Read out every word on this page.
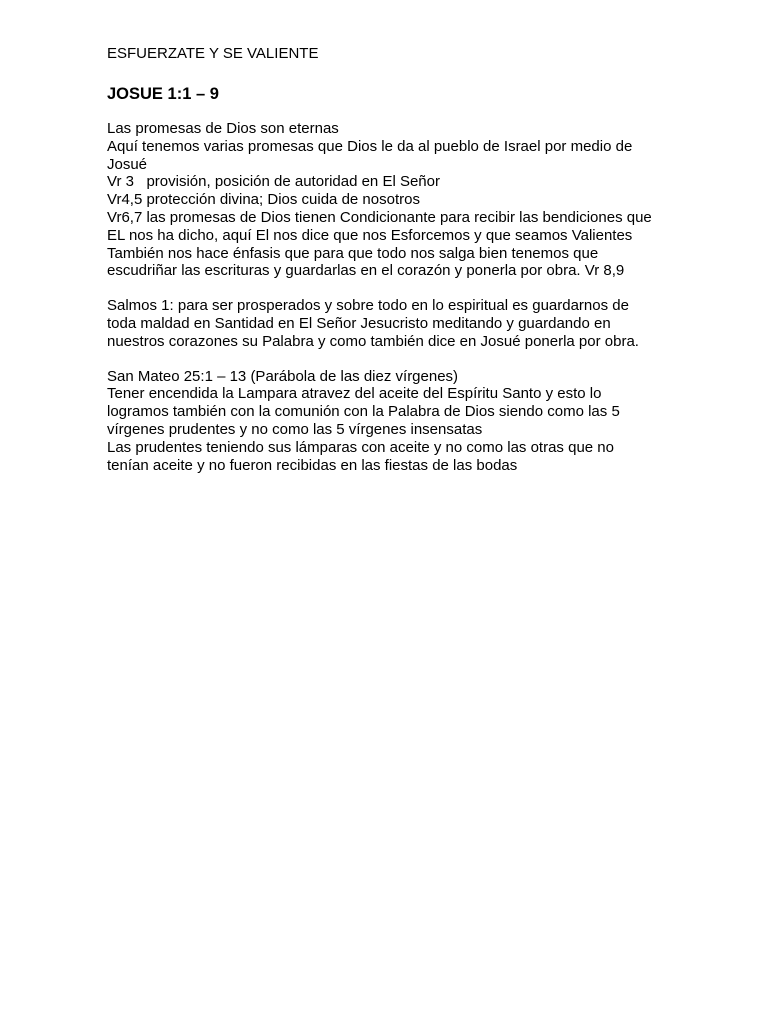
ESFUERZATE Y SE VALIENTE

JOSUE 1:1 – 9

Las promesas de Dios son eternas
Aquí tenemos varias promesas que Dios le da al pueblo de Israel por medio de
Josué
Vr 3   provisión, posición de autoridad en El Señor
Vr4,5 protección divina; Dios cuida de nosotros
Vr6,7 las promesas de Dios tienen Condicionante para recibir las bendiciones que
EL nos ha dicho, aquí El nos dice que nos Esforcemos y que seamos Valientes
También nos hace énfasis que para que todo nos salga bien tenemos que
escudriñar las escrituras y guardarlas en el corazón y ponerla por obra. Vr 8,9
Salmos 1: para ser prosperados y sobre todo en lo espiritual es guardarnos de
toda maldad en Santidad en El Señor Jesucristo meditando y guardando en
nuestros corazones su Palabra y como también dice en Josué ponerla por obra.
San Mateo 25:1 – 13 (Parábola de las diez vírgenes)
Tener encendida la Lampara atravez del aceite del Espíritu Santo y esto lo
logramos también con la comunión con la Palabra de Dios siendo como las 5
vírgenes prudentes y no como las 5 vírgenes insensatas
Las prudentes teniendo sus lámparas con aceite y no como las otras que no
tenían aceite y no fueron recibidas en las fiestas de las bodas
